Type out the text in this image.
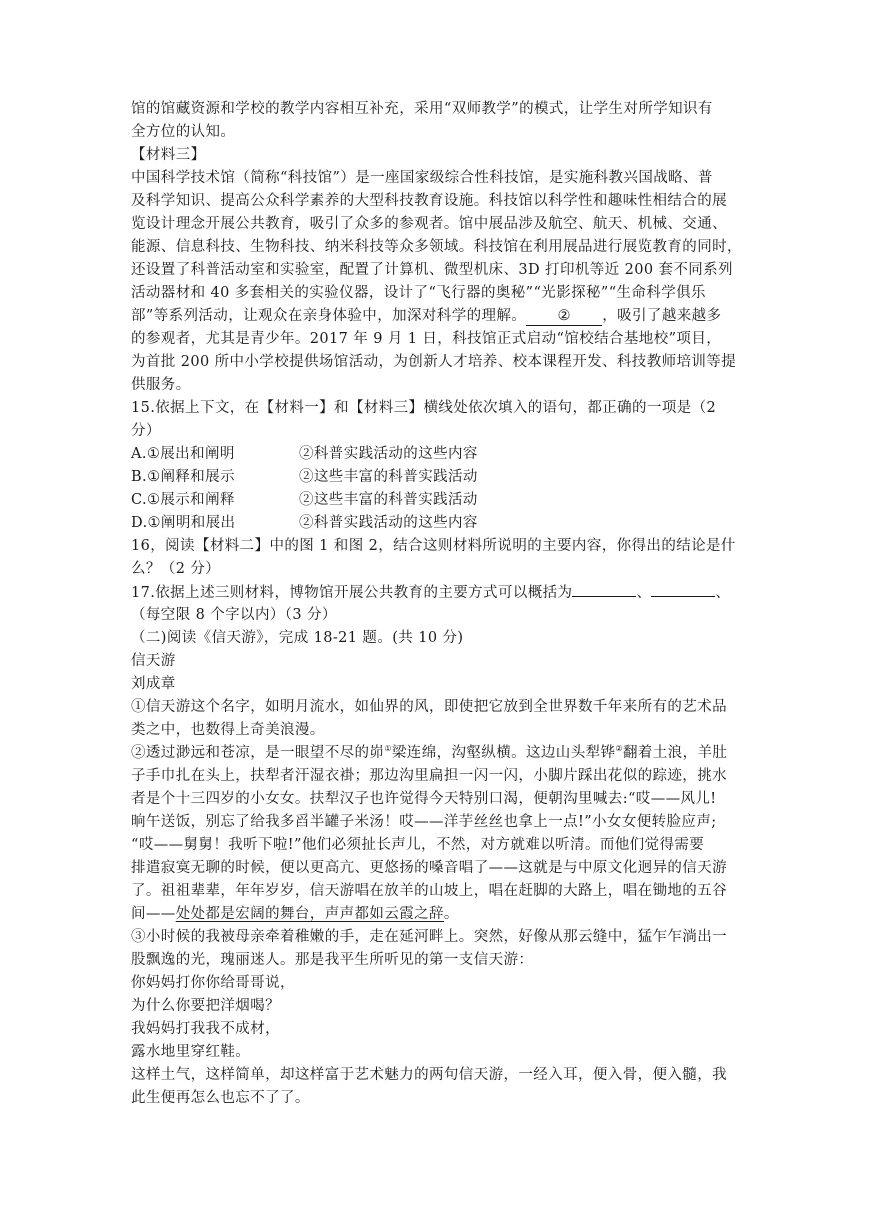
馆的馆藏资源和学校的教学内容相互补充，采用“双师教学”的模式，让学生对所学知识有
全方位的认知。
【材料三】
中国科学技术馆（简称“科技馆”）是一座国家级综合性科技馆，是实施科教兴国战略、普
及科学知识、提高公众科学素养的大型科技教育设施。科技馆以科学性和趣味性相结合的展
览设计理念开展公共教育，吸引了众多的参观者。馆中展品涉及航空、航天、机械、交通、
能源、信息科技、生物科技、纳米科技等众多领域。科技馆在利用展品进行展览教育的同时，
还设置了科普活动室和实验室，配置了计算机、微型机床、3D 打印机等近 200 套不同系列
活动器材和 40 多套相关的实验仪器，设计了“飞行器的奥秘”“光影探秘”“生命科学俱乐
部”等系列活动，让观众在亲身体验中，加深对科学的理解。 ② ，吸引了越来越多
的参观者，尤其是青少年。2017 年 9 月 1 日，科技馆正式启动“馆校结合基地校”项目，
为首批 200 所中小学校提供场馆活动，为创新人才培养、校本课程开发、科技教师培训等提
供服务。
15.依据上下文，在【材料一】和【材料三】横线处依次填入的语句，都正确的一项是（2
分）
A.①展出和阐明	②科普实践活动的这些内容
B.①阐释和展示	②这些丰富的科普实践活动
C.①展示和阐释	②这些丰富的科普实践活动
D.①阐明和展出	②科普实践活动的这些内容
16，阅读【材料二】中的图 1 和图 2，结合这则材料所说明的主要内容，你得出的结论是什
么？（2 分）
17.依据上述三则材料，博物馆开展公共教育的主要方式可以概括为	、	、
（每空限 8 个字以内）（3 分）
（二)阅读《信天游》，完成 18-21 题。(共 10 分)
信天游
刘成章
①信天游这个名字，如明月流水，如仙界的风，即使把它放到全世界数千年来所有的艺术品
类之中，也数得上奇美浪漫。
②透过渺远和苍凉，是一眼望不尽的峁①梁连绵，沟壑纵横。这边山头犁铧②翻着土浪，羊肚
子手巾扎在头上，扶犁者汗湿衣褂；那边沟里扁担一闪一闪，小脚片踩出花似的踪迹，挑水
者是个十三四岁的小女女。扶犁汉子也许觉得今天特别口渴，便朝沟里喊去:“哎——风儿!
晌午送饭，别忘了给我多舀半罐子米汤！哎——洋芋丝丝也拿上一点!”小女女便转脸应声;
“哎——舅舅！我听下啦!”他们必须扯长声儿，不然，对方就难以听清。而他们觉得需要
排遣寂寞无聊的时候，便以更高亢、更悠扬的嗓音唱了——这就是与中原文化迥异的信天游
了。祖祖辈辈，年年岁岁，信天游唱在放羊的山坡上，唱在赶脚的大路上，唱在锄地的五谷
间——处处都是宏阔的舞台，声声都如云霞之辞。
③小时候的我被母亲牵着稚嫩的手，走在延河畔上。突然，好像从那云缝中，猛乍乍淌出一
股飘逸的光，瑰丽迷人。那是我平生所听见的第一支信天游：
你妈妈打你你给哥哥说，
为什么你要把洋烟喝？
我妈妈打我我不成材，
露水地里穿红鞋。
这样土气，这样简单，却这样富于艺术魅力的两句信天游，一经入耳，便入骨，便入髓，我
此生便再怎么也忘不了了。
